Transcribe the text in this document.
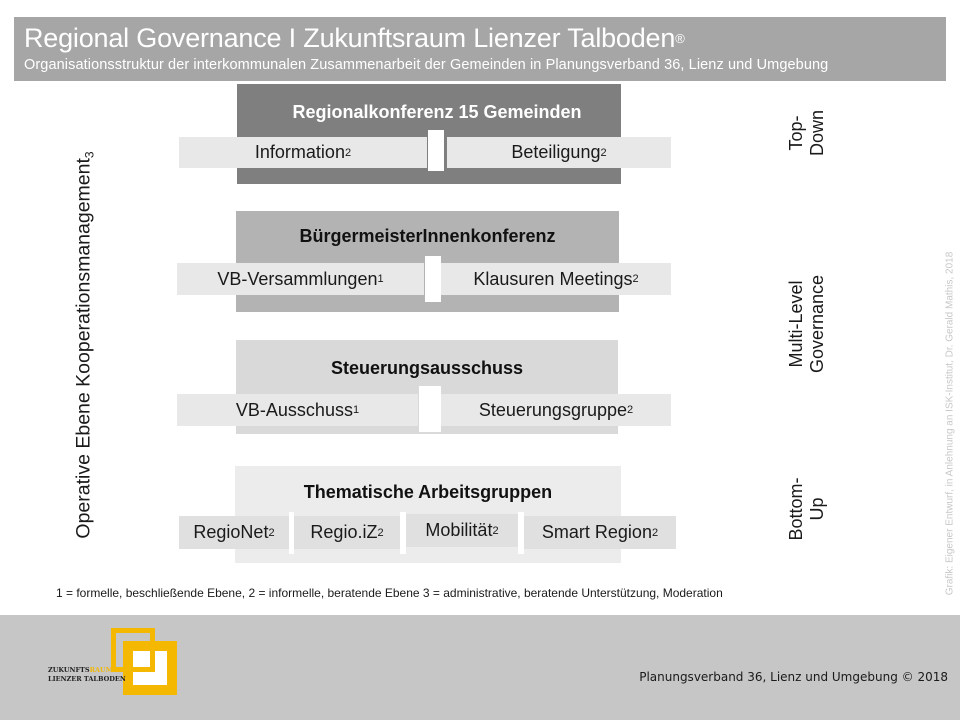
Regional Governance I Zukunftsraum Lienzer Talboden®
Organisationsstruktur der interkommunalen Zusammenarbeit der Gemeinden in Planungsverband 36, Lienz und Umgebung
Operative Ebene Kooperationsmanagement$_3$
Regionalkonferenz 15 Gemeinden
Information 2	Beteiligung 2
BürgermeisterInnenkonferenz
VB-Versammlungen 1	Klausuren Meetings 2
Steuerungsausschuss
VB-Ausschuss 1	Steuerungsgruppe 2
Thematische Arbeitsgruppen
RegioNet 2 Regio.iZ 2 Mobilität 2 Smart Region 2
Top- Down
Multi-Level Governance
Bottom- Up	Grafik: Eigener Entwurf, in Anlehnung an ISK-Institut, Dr. Gerald Mathis, 2018
1 = formelle, beschließende Ebene, 2 = informelle, beratende Ebene 3 = administrative, beratende Unterstützung, Moderation
ZUKUNFTSRAUM
LIENZER TALBODEN	Planungsverband 36, Lienz und Umgebung © 2018
